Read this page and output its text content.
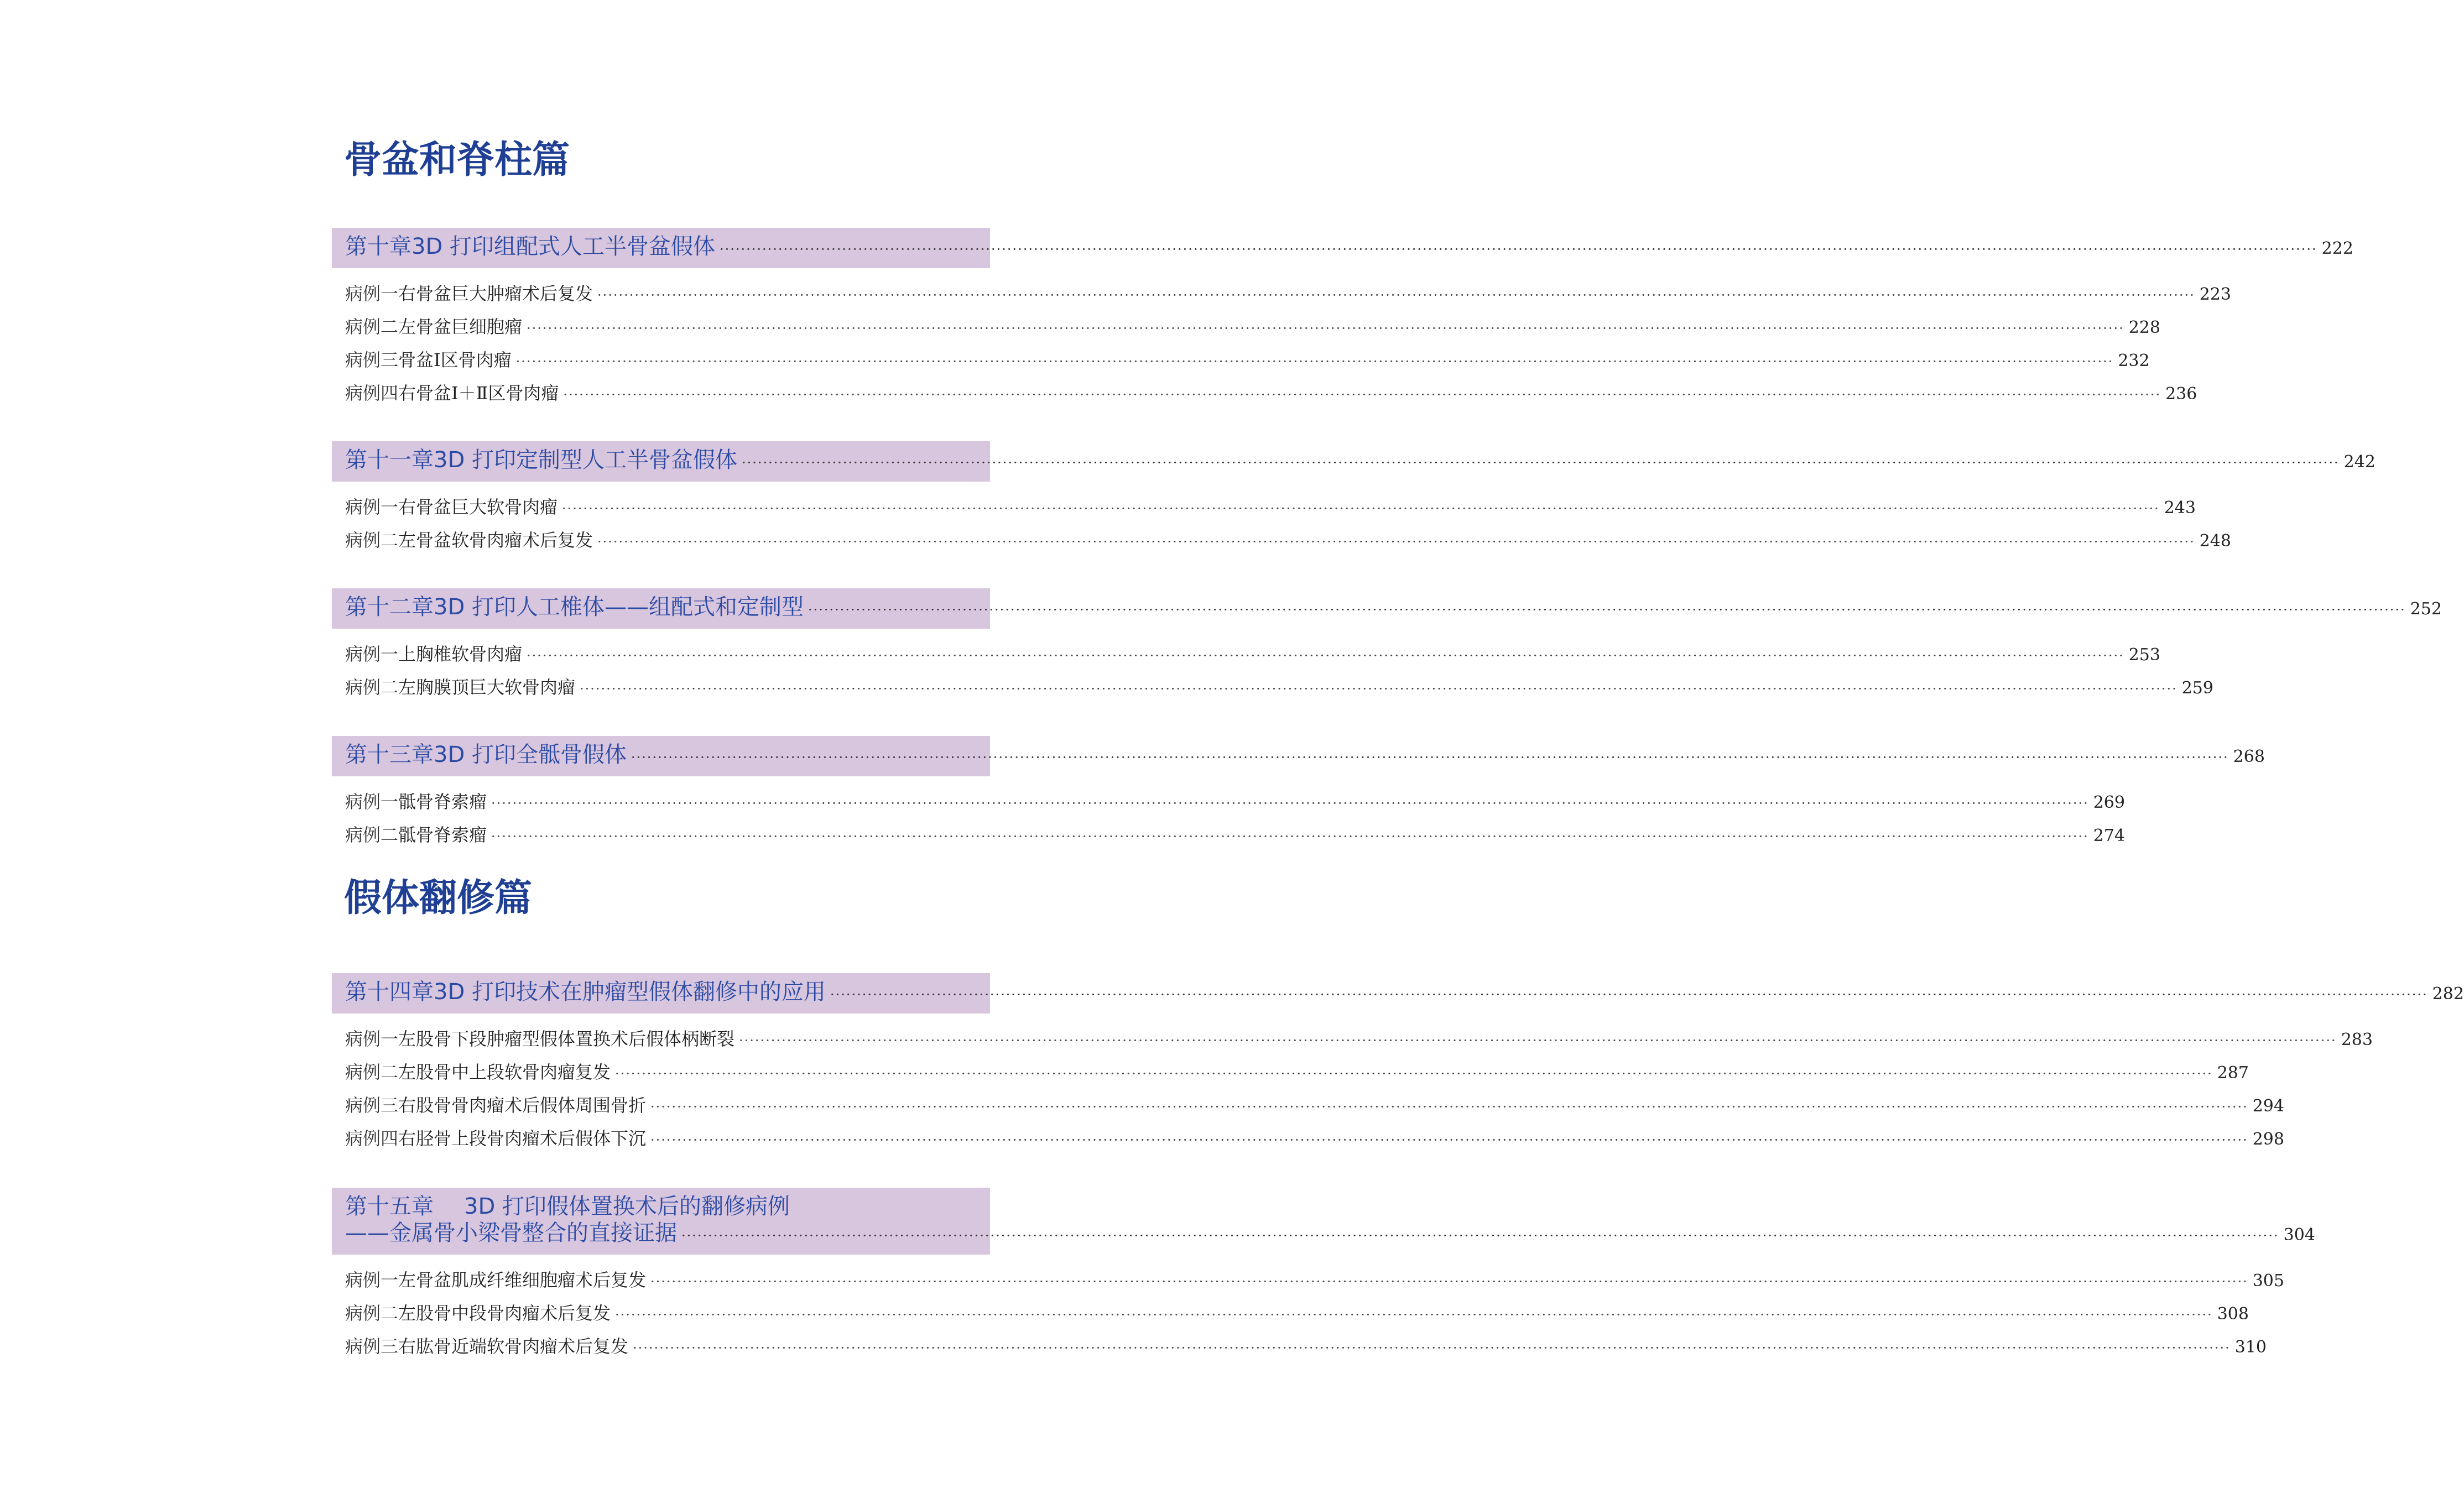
骨盆和脊柱篇
第十章 3D 打印组配式人工半骨盆假体 ············································································································································································································································································································ 222
病例一 右骨盆巨大肿瘤术后复发 ············································································································································································································································································································ 223
病例二 左骨盆巨细胞瘤 ············································································································································································································································································································ 228
病例三 骨盆Ⅰ区骨肉瘤 ············································································································································································································································································································ 232
病例四 右骨盆Ⅰ＋Ⅱ区骨肉瘤 ············································································································································································································································································································ 236
第十一章 3D 打印定制型人工半骨盆假体 ············································································································································································································································································································ 242
病例一 右骨盆巨大软骨肉瘤 ············································································································································································································································································································ 243
病例二 左骨盆软骨肉瘤术后复发 ············································································································································································································································································································ 248
第十二章 3D 打印人工椎体——组配式和定制型 ············································································································································································································································································································ 252
病例一 上胸椎软骨肉瘤 ············································································································································································································································································································ 253
病例二 左胸膜顶巨大软骨肉瘤 ············································································································································································································································································································ 259
第十三章 3D 打印全骶骨假体 ············································································································································································································································································································ 268
病例一 骶骨脊索瘤 ············································································································································································································································································································ 269
病例二 骶骨脊索瘤 ············································································································································································································································································································ 274
假体翻修篇
第十四章 3D 打印技术在肿瘤型假体翻修中的应用 ············································································································································································································································································································ 282
病例一 左股骨下段肿瘤型假体置换术后假体柄断裂 ············································································································································································································································································································ 283
病例二 左股骨中上段软骨肉瘤复发 ············································································································································································································································································································ 287
病例三 右股骨骨肉瘤术后假体周围骨折 ············································································································································································································································································································ 294
病例四 右胫骨上段骨肉瘤术后假体下沉 ············································································································································································································································································································ 298
第十五章	3D 打印假体置换术后的翻修病例
——金属骨小梁骨整合的直接证据 ············································································································································································································································································································ 304
病例一 左骨盆肌成纤维细胞瘤术后复发 ············································································································································································································································································································ 305
病例二 左股骨中段骨肉瘤术后复发 ············································································································································································································································································································ 308
病例三 右肱骨近端软骨肉瘤术后复发 ············································································································································································································································································································ 310
